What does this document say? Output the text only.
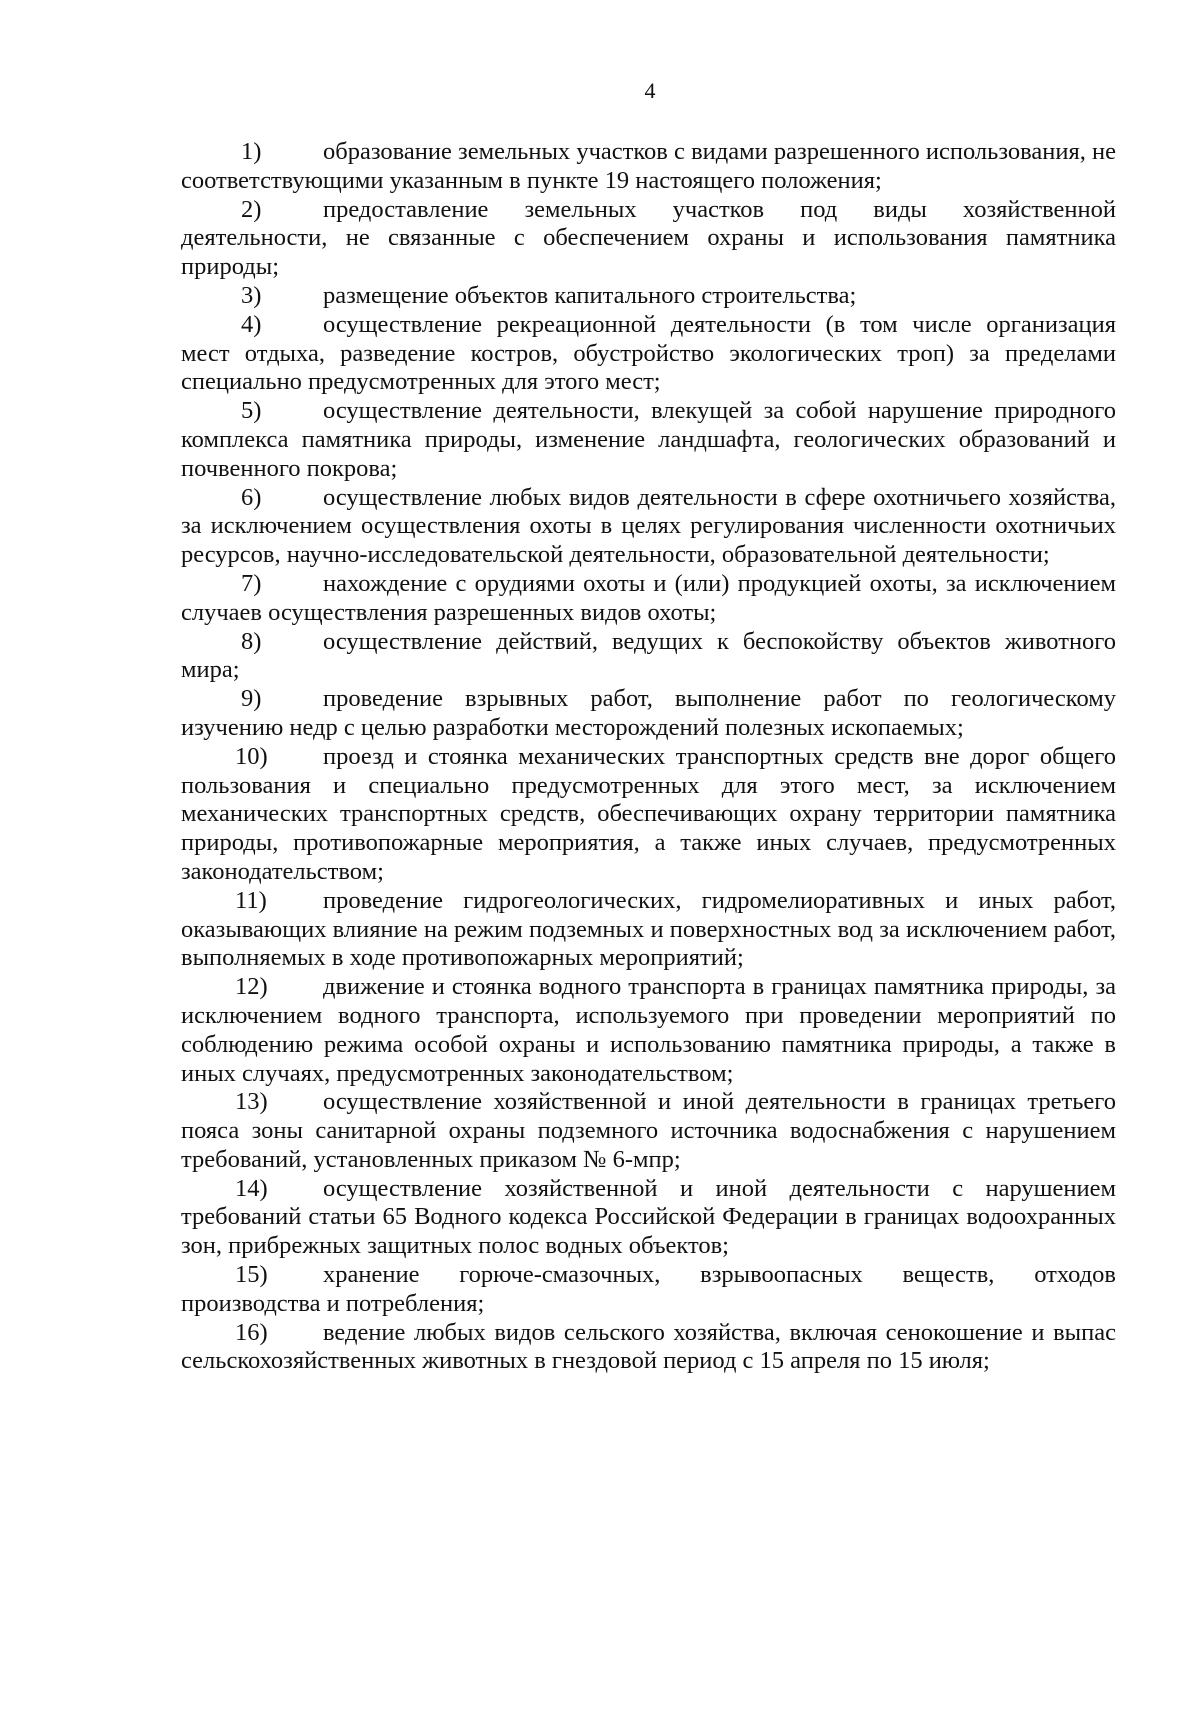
4

1)	образование земельных участков с видами разрешенного использования, не соответствующими указанным в пункте 19 настоящего положения;

2)	предоставление земельных участков под виды хозяйственной деятельности, не связанные с обеспечением охраны и использования памятника природы;

3)	размещение объектов капитального строительства;

4)	осуществление рекреационной деятельности (в том числе организация мест отдыха, разведение костров, обустройство экологических троп) за пределами специально предусмотренных для этого мест;

5)	осуществление деятельности, влекущей за собой нарушение природного комплекса памятника природы, изменение ландшафта, геологических образований и почвенного покрова;

6)	осуществление любых видов деятельности в сфере охотничьего хозяйства, за исключением осуществления охоты в целях регулирования численности охотничьих ресурсов, научно-исследовательской деятельности, образовательной деятельности;

7)	нахождение с орудиями охоты и (или) продукцией охоты, за исключением случаев осуществления разрешенных видов охоты;

8)	осуществление действий, ведущих к беспокойству объектов животного мира;

9)	проведение взрывных работ, выполнение работ по геологическому изучению недр с целью разработки месторождений полезных ископаемых;

10) проезд и стоянка механических транспортных средств вне дорог общего пользования и специально предусмотренных для этого мест, за исключением механических транспортных средств, обеспечивающих охрану территории памятника природы, противопожарные мероприятия, а также иных случаев, предусмотренных законодательством;

11) проведение гидрогеологических, гидромелиоративных и иных работ, оказывающих влияние на режим подземных и поверхностных вод за исключением работ, выполняемых в ходе противопожарных мероприятий;

12) движение и стоянка водного транспорта в границах памятника природы, за исключением водного транспорта, используемого при проведении мероприятий по соблюдению режима особой охраны и использованию памятника природы, а также в иных случаях, предусмотренных законодательством;

13) осуществление хозяйственной и иной деятельности в границах третьего пояса зоны санитарной охраны подземного источника водоснабжения с нарушением требований, установленных приказом № 6-мпр;

14) осуществление хозяйственной и иной деятельности с нарушением требований статьи 65 Водного кодекса Российской Федерации в границах водоохранных зон, прибрежных защитных полос водных объектов;

15) хранение горюче-смазочных, взрывоопасных веществ, отходов производства и потребления;

16) ведение любых видов сельского хозяйства, включая сенокошение и выпас сельскохозяйственных животных в гнездовой период с 15 апреля по 15 июля;
